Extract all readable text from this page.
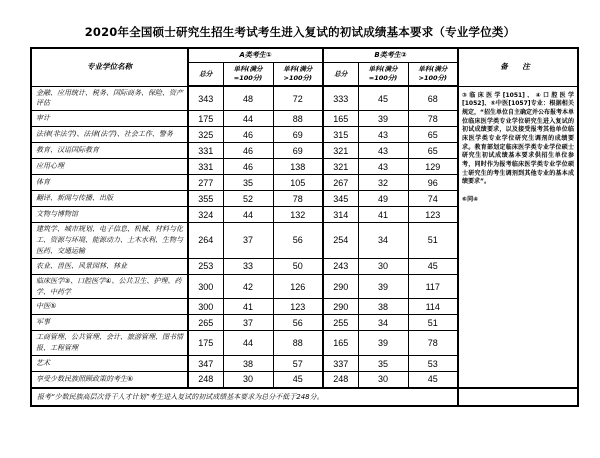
2020年全国硕士研究生招生考试考生进入复试的初试成绩基本要求（专业学位类）
专业学位名称	A类考生①			B类考生②			备 注
	总分	单科(满分=100分)	单科(满分>100分)	总分	单科(满分=100分)	单科(满分>100分)	
金融、应用统计、税务、国际商务、保险、资产评估	343	48	72	333	45	68	③临床医学[1051]、④口腔医学[1052]、⑤中医[1057]专业：根据相关规定，“招生单位自主确定并公布报考本单位临床医学类专业学位研究生进入复试的初试成绩要求，以及接受报考其他单位临床医学类专业学位研究生调剂的成绩要求。教育部划定临床医学类专业学位硕士研究生初试成绩基本要求供招生单位参考，同时作为报考临床医学类专业学位硕士研究生的考生调剂到其他专业的基本成绩要求”。
⑥同④

审计	175	44	88	165	39	78	
法律(非法学)、法律(法学)、社会工作、警务	325	46	69	315	43	65	
教育、汉语国际教育	331	46	69	321	43	65	
应用心理	331	46	138	321	43	129	
体育	277	35	105	267	32	96	
翻译、新闻与传播、出版	355	52	78	345	49	74	
文物与博物馆	324	44	132	314	41	123	
建筑学、城市规划、电子信息、机械、材料与化工、资源与环境、能源动力、土木水利、生物与医药、交通运输	264	37	56	254	34	51	
农业、兽医、风景园林、林业	253	33	50	243	30	45	
临床医学③、口腔医学④、公共卫生、护理、药学、中药学	300	42	126	290	39	117	
中医⑤	300	41	123	290	38	114	
军事	265	37	56	255	34	51	
工商管理、公共管理、会计、旅游管理、图书情报、工程管理	175	44	88	165	39	78	
艺术	347	38	57	337	35	53	
享受少数民族照顾政策的考生⑥	248	30	45	248	30	45	
报考“少数民族高层次骨干人才计划”考生进入复试的初试成绩基本要求为总分不低于248分。							
